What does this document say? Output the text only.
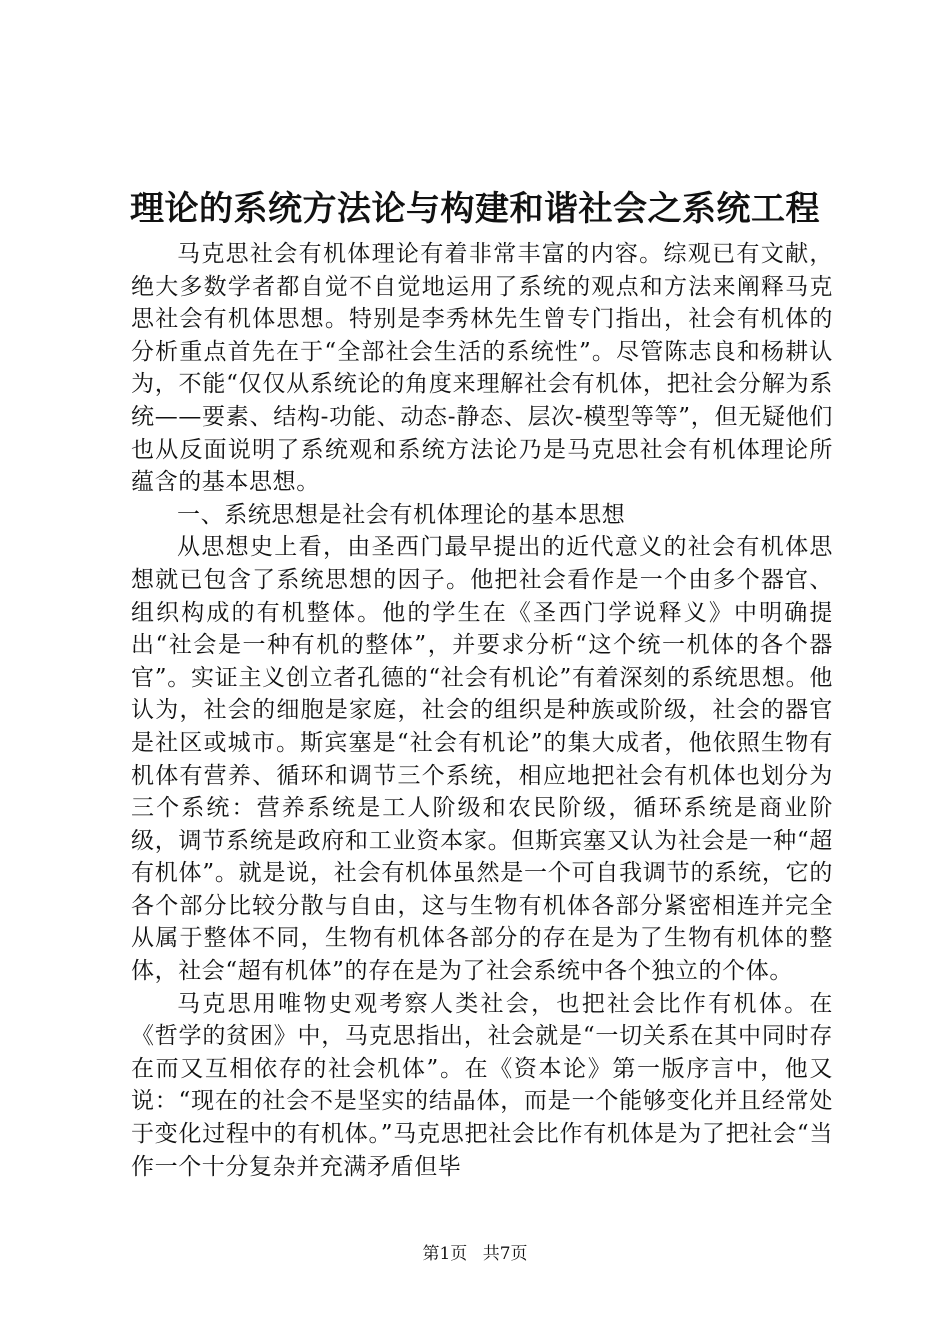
理论的系统方法论与构建和谐社会之系统工程

马克思社会有机体理论有着非常丰富的内容。综观已有文献，绝大多数学者都自觉不自觉地运用了系统的观点和方法来阐释马克思社会有机体思想。特别是李秀林先生曾专门指出，社会有机体的分析重点首先在于“全部社会生活的系统性”。尽管陈志良和杨耕认为，不能“仅仅从系统论的角度来理解社会有机体，把社会分解为系统——要素、结构-功能、动态-静态、层次-模型等等”，但无疑他们也从反面说明了系统观和系统方法论乃是马克思社会有机体理论所蕴含的基本思想。

一、系统思想是社会有机体理论的基本思想

从思想史上看，由圣西门最早提出的近代意义的社会有机体思想就已包含了系统思想的因子。他把社会看作是一个由多个器官、组织构成的有机整体。他的学生在《圣西门学说释义》中明确提出“社会是一种有机的整体”，并要求分析“这个统一机体的各个器官”。实证主义创立者孔德的“社会有机论”有着深刻的系统思想。他认为，社会的细胞是家庭，社会的组织是种族或阶级，社会的器官是社区或城市。斯宾塞是“社会有机论”的集大成者，他依照生物有机体有营养、循环和调节三个系统，相应地把社会有机体也划分为三个系统：营养系统是工人阶级和农民阶级，循环系统是商业阶级，调节系统是政府和工业资本家。但斯宾塞又认为社会是一种“超有机体”。就是说，社会有机体虽然是一个可自我调节的系统，它的各个部分比较分散与自由，这与生物有机体各部分紧密相连并完全从属于整体不同，生物有机体各部分的存在是为了生物有机体的整体，社会“超有机体”的存在是为了社会系统中各个独立的个体。

马克思用唯物史观考察人类社会，也把社会比作有机体。在《哲学的贫困》中，马克思指出，社会就是“一切关系在其中同时存在而又互相依存的社会机体”。在《资本论》第一版序言中，他又说：“现在的社会不是坚实的结晶体，而是一个能够变化并且经常处于变化过程中的有机体。”马克思把社会比作有机体是为了把社会“当作一个十分复杂并充满矛盾但毕

第1页 共7页
